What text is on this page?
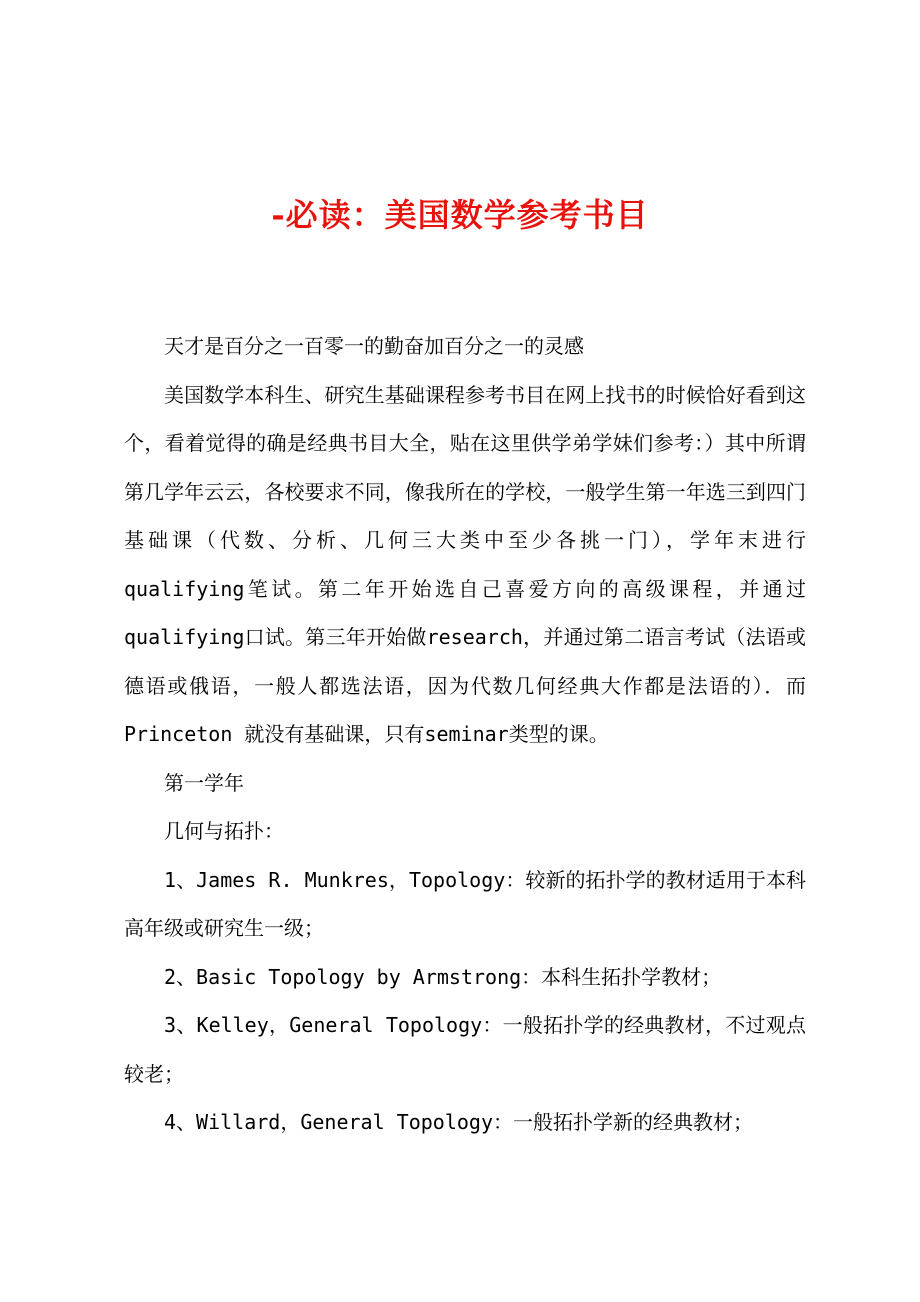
-必读：美国数学参考书目

天才是百分之一百零一的勤奋加百分之一的灵感

美国数学本科生、研究生基础课程参考书目在网上找书的时候恰好看到这个，看着觉得的确是经典书目大全，贴在这里供学弟学妹们参考：）其中所谓第几学年云云，各校要求不同，像我所在的学校，一般学生第一年选三到四门基础课（代数、分析、几何三大类中至少各挑一门），学年末进行qualifying笔试。第二年开始选自己喜爱方向的高级课程，并通过qualifying口试。第三年开始做research，并通过第二语言考试（法语或德语或俄语，一般人都选法语，因为代数几何经典大作都是法语的）．而Princeton 就没有基础课，只有seminar类型的课。

第一学年

几何与拓扑：

1、James R. Munkres，Topology：较新的拓扑学的教材适用于本科高年级或研究生一级；

2、Basic Topology by Armstrong：本科生拓扑学教材；

3、Kelley，General Topology：一般拓扑学的经典教材，不过观点较老；

4、Willard，General Topology：一般拓扑学新的经典教材；
